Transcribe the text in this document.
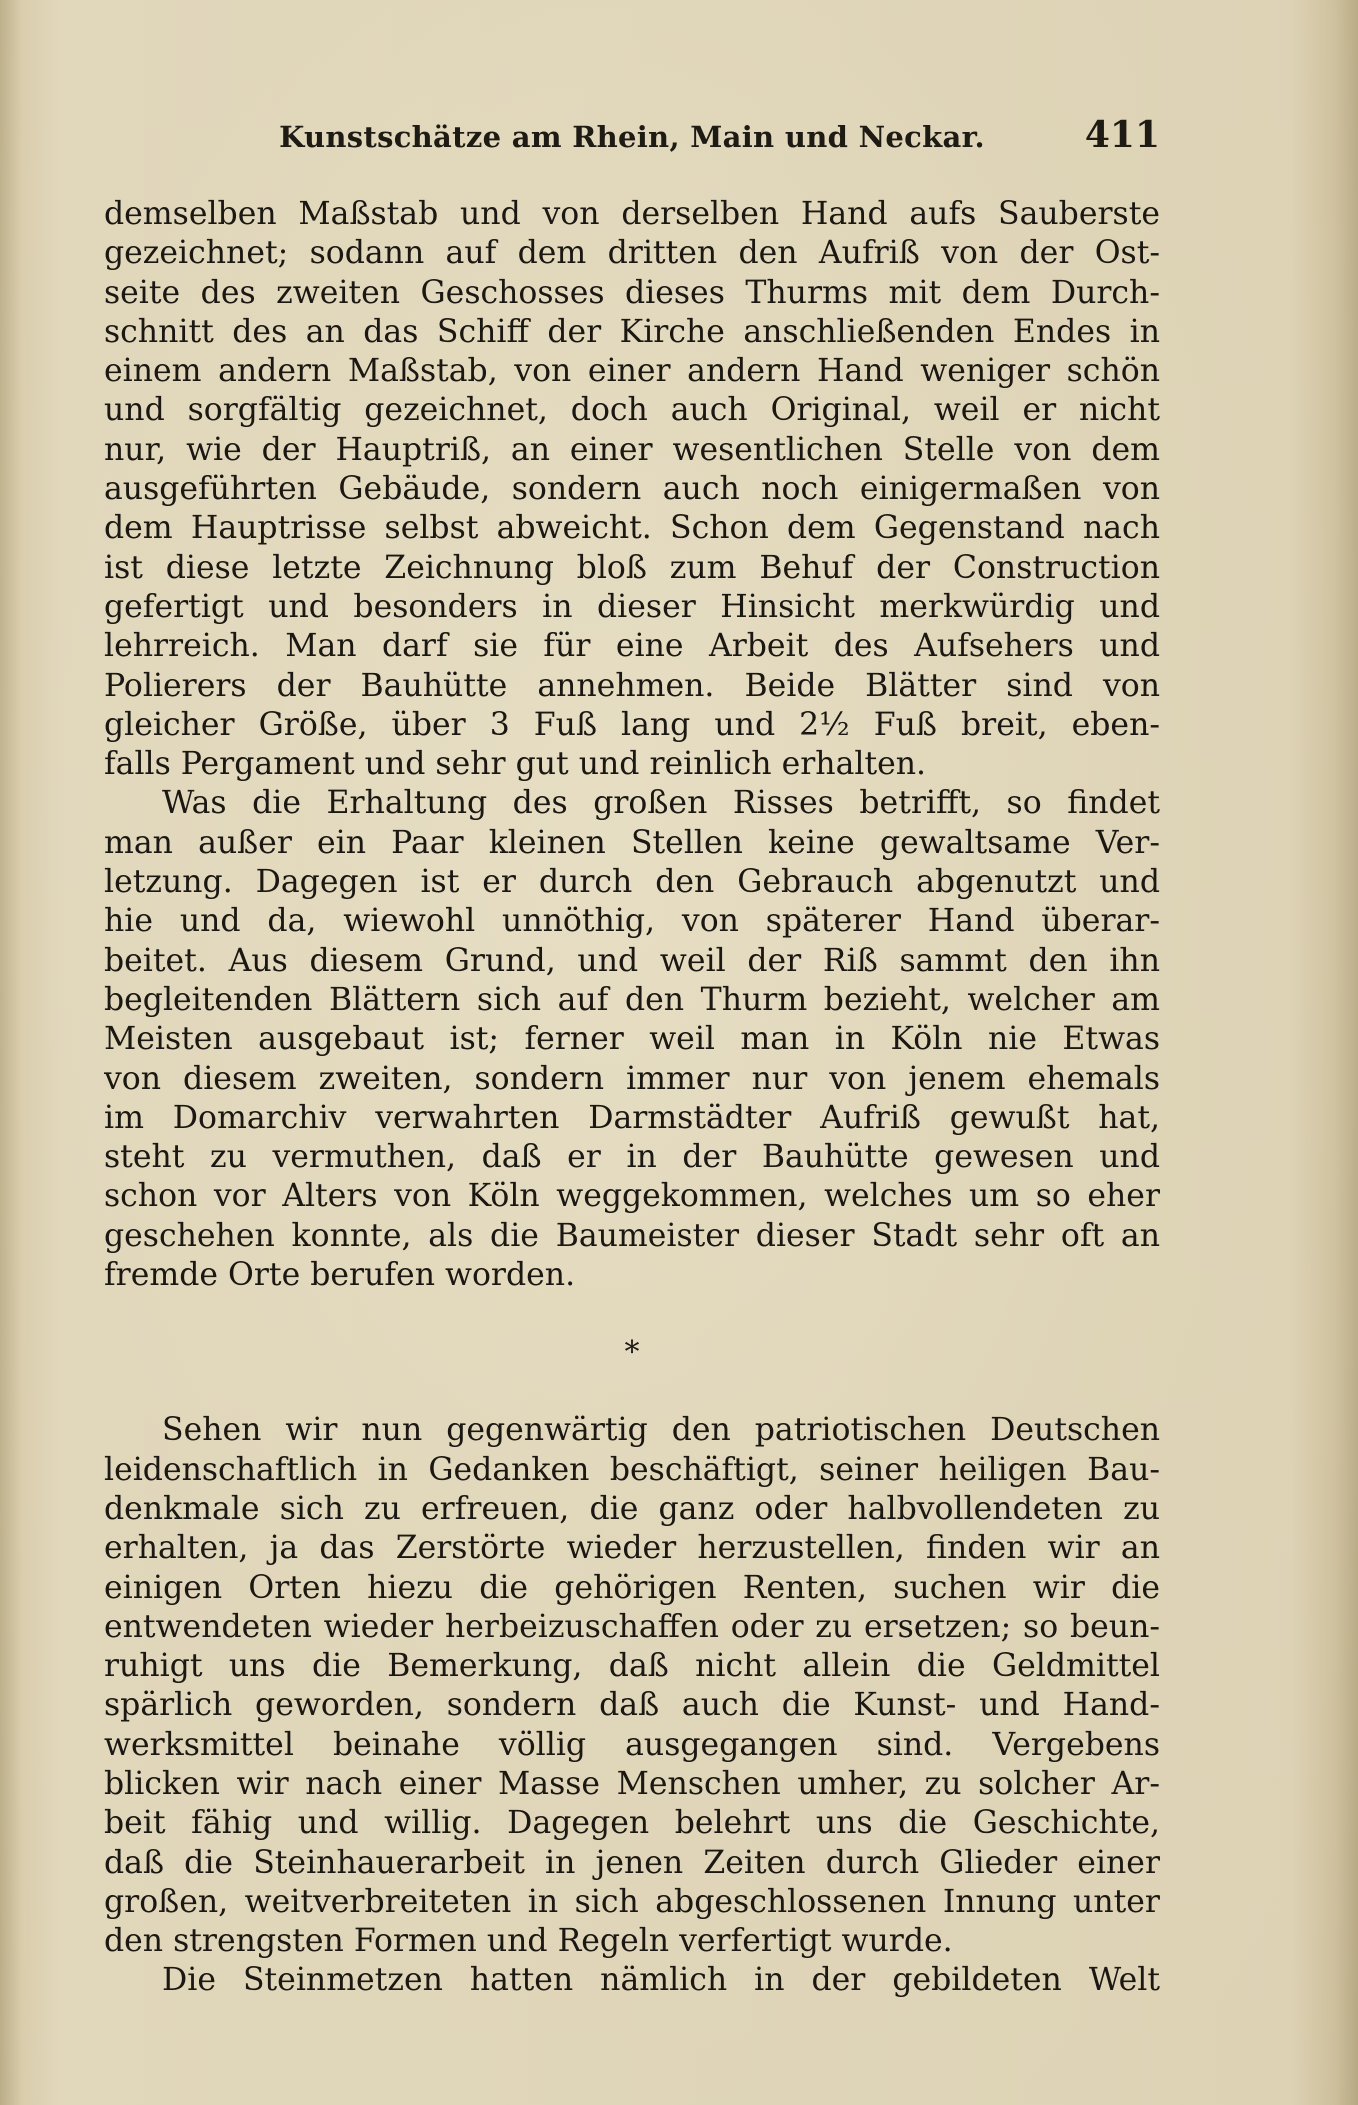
Kunstschätze am Rhein, Main und Neckar.	411
demselben Maßstab und von derselben Hand aufs Sauberste
gezeichnet; sodann auf dem dritten den Aufriß von der Ost-
seite des zweiten Geschosses dieses Thurms mit dem Durch-
schnitt des an das Schiff der Kirche anschließenden Endes in
einem andern Maßstab, von einer andern Hand weniger schön
und sorgfältig gezeichnet, doch auch Original, weil er nicht
nur, wie der Hauptriß, an einer wesentlichen Stelle von dem
ausgeführten Gebäude, sondern auch noch einigermaßen von
dem Hauptrisse selbst abweicht. Schon dem Gegenstand nach
ist diese letzte Zeichnung bloß zum Behuf der Construction
gefertigt und besonders in dieser Hinsicht merkwürdig und
lehrreich. Man darf sie für eine Arbeit des Aufsehers und
Polierers der Bauhütte annehmen. Beide Blätter sind von
gleicher Größe, über 3 Fuß lang und 2½ Fuß breit, eben-
falls Pergament und sehr gut und reinlich erhalten.
Was die Erhaltung des großen Risses betrifft, so findet
man außer ein Paar kleinen Stellen keine gewaltsame Ver-
letzung. Dagegen ist er durch den Gebrauch abgenutzt und
hie und da, wiewohl unnöthig, von späterer Hand überar-
beitet. Aus diesem Grund, und weil der Riß sammt den ihn
begleitenden Blättern sich auf den Thurm bezieht, welcher am
Meisten ausgebaut ist; ferner weil man in Köln nie Etwas
von diesem zweiten, sondern immer nur von jenem ehemals
im Domarchiv verwahrten Darmstädter Aufriß gewußt hat,
steht zu vermuthen, daß er in der Bauhütte gewesen und
schon vor Alters von Köln weggekommen, welches um so eher
geschehen konnte, als die Baumeister dieser Stadt sehr oft an
fremde Orte berufen worden.
*
Sehen wir nun gegenwärtig den patriotischen Deutschen
leidenschaftlich in Gedanken beschäftigt, seiner heiligen Bau-
denkmale sich zu erfreuen, die ganz oder halbvollendeten zu
erhalten, ja das Zerstörte wieder herzustellen, finden wir an
einigen Orten hiezu die gehörigen Renten, suchen wir die
entwendeten wieder herbeizuschaffen oder zu ersetzen; so beun-
ruhigt uns die Bemerkung, daß nicht allein die Geldmittel
spärlich geworden, sondern daß auch die Kunst- und Hand-
werksmittel beinahe völlig ausgegangen sind. Vergebens
blicken wir nach einer Masse Menschen umher, zu solcher Ar-
beit fähig und willig. Dagegen belehrt uns die Geschichte,
daß die Steinhauerarbeit in jenen Zeiten durch Glieder einer
großen, weitverbreiteten in sich abgeschlossenen Innung unter
den strengsten Formen und Regeln verfertigt wurde.
Die Steinmetzen hatten nämlich in der gebildeten Welt
